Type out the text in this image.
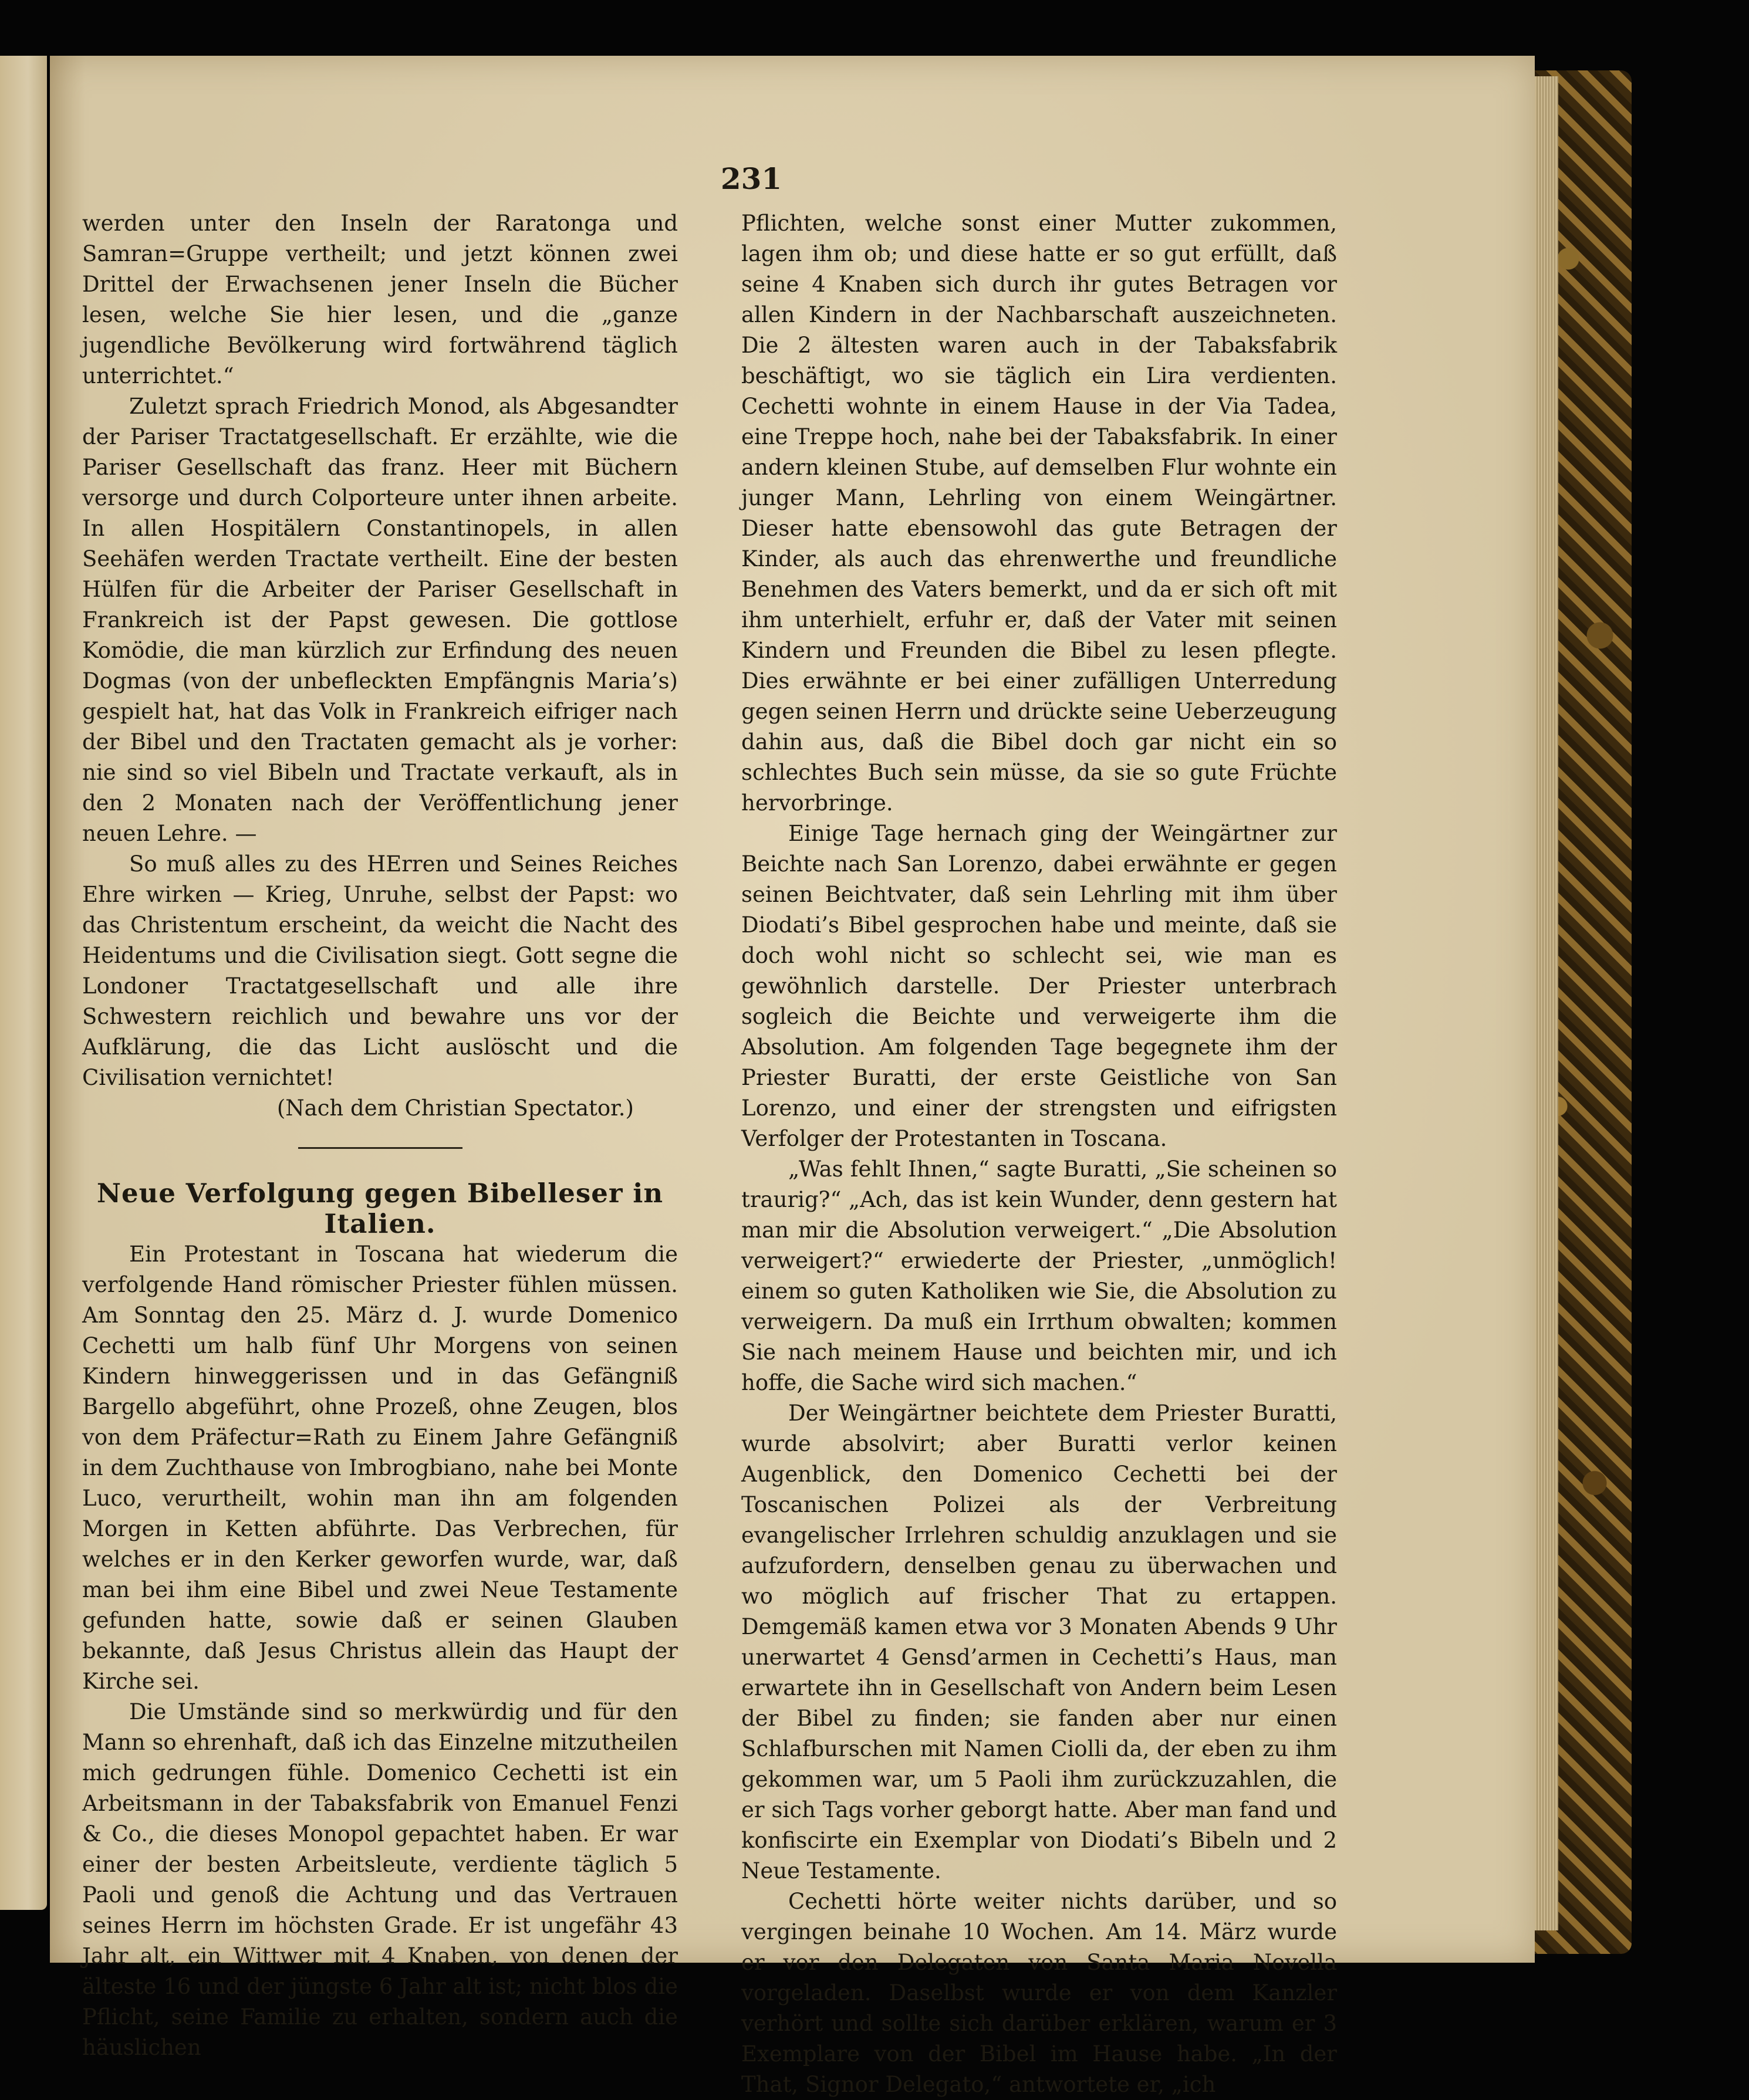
231

werden unter den Inseln der Raratonga und Samran=Gruppe vertheilt; und jetzt können zwei Drittel der Erwachsenen jener Inseln die Bücher lesen, welche Sie hier lesen, und die „ganze jugendliche Bevölkerung wird fortwährend täglich unterrichtet.“

Zuletzt sprach Friedrich Monod, als Abgesandter der Pariser Tractatgesellschaft. Er erzählte, wie die Pariser Gesellschaft das franz. Heer mit Büchern versorge und durch Colporteure unter ihnen arbeite. In allen Hospitälern Constantinopels, in allen Seehäfen werden Tractate vertheilt. Eine der besten Hülfen für die Arbeiter der Pariser Gesellschaft in Frankreich ist der Papst gewesen. Die gottlose Komödie, die man kürzlich zur Erfindung des neuen Dogmas (von der unbefleckten Empfängnis Maria’s) gespielt hat, hat das Volk in Frankreich eifriger nach der Bibel und den Tractaten gemacht als je vorher: nie sind so viel Bibeln und Tractate verkauft, als in den 2 Monaten nach der Veröffentlichung jener neuen Lehre. —

So muß alles zu des HErren und Seines Reiches Ehre wirken — Krieg, Unruhe, selbst der Papst: wo das Christentum erscheint, da weicht die Nacht des Heidentums und die Civilisation siegt. Gott segne die Londoner Tractatgesellschaft und alle ihre Schwestern reichlich und bewahre uns vor der Aufklärung, die das Licht auslöscht und die Civilisation vernichtet!

(Nach dem Christian Spectator.)

Neue Verfolgung gegen Bibelleser in Italien.

Ein Protestant in Toscana hat wiederum die verfolgende Hand römischer Priester fühlen müssen. Am Sonntag den 25. März d. J. wurde Domenico Cechetti um halb fünf Uhr Morgens von seinen Kindern hinweggerissen und in das Gefängniß Bargello abgeführt, ohne Prozeß, ohne Zeugen, blos von dem Präfectur=Rath zu Einem Jahre Gefängniß in dem Zuchthause von Imbrogbiano, nahe bei Monte Luco, verurtheilt, wohin man ihn am folgenden Morgen in Ketten abführte. Das Verbrechen, für welches er in den Kerker geworfen wurde, war, daß man bei ihm eine Bibel und zwei Neue Testamente gefunden hatte, sowie daß er seinen Glauben bekannte, daß Jesus Christus allein das Haupt der Kirche sei.

Die Umstände sind so merkwürdig und für den Mann so ehrenhaft, daß ich das Einzelne mitzutheilen mich gedrungen fühle. Domenico Cechetti ist ein Arbeitsmann in der Tabaksfabrik von Emanuel Fenzi & Co., die dieses Monopol gepachtet haben. Er war einer der besten Arbeitsleute, verdiente täglich 5 Paoli und genoß die Achtung und das Vertrauen seines Herrn im höchsten Grade. Er ist ungefähr 43 Jahr alt, ein Wittwer mit 4 Knaben, von denen der älteste 16 und der jüngste 6 Jahr alt ist; nicht blos die Pflicht, seine Familie zu erhalten, sondern auch die häuslichen

Pflichten, welche sonst einer Mutter zukommen, lagen ihm ob; und diese hatte er so gut erfüllt, daß seine 4 Knaben sich durch ihr gutes Betragen vor allen Kindern in der Nachbarschaft auszeichneten. Die 2 ältesten waren auch in der Tabaksfabrik beschäftigt, wo sie täglich ein Lira verdienten. Cechetti wohnte in einem Hause in der Via Tadea, eine Treppe hoch, nahe bei der Tabaksfabrik. In einer andern kleinen Stube, auf demselben Flur wohnte ein junger Mann, Lehrling von einem Weingärtner. Dieser hatte ebensowohl das gute Betragen der Kinder, als auch das ehrenwerthe und freundliche Benehmen des Vaters bemerkt, und da er sich oft mit ihm unterhielt, erfuhr er, daß der Vater mit seinen Kindern und Freunden die Bibel zu lesen pflegte. Dies erwähnte er bei einer zufälligen Unterredung gegen seinen Herrn und drückte seine Ueberzeugung dahin aus, daß die Bibel doch gar nicht ein so schlechtes Buch sein müsse, da sie so gute Früchte hervorbringe.

Einige Tage hernach ging der Weingärtner zur Beichte nach San Lorenzo, dabei erwähnte er gegen seinen Beichtvater, daß sein Lehrling mit ihm über Diodati’s Bibel gesprochen habe und meinte, daß sie doch wohl nicht so schlecht sei, wie man es gewöhnlich darstelle. Der Priester unterbrach sogleich die Beichte und verweigerte ihm die Absolution. Am folgenden Tage begegnete ihm der Priester Buratti, der erste Geistliche von San Lorenzo, und einer der strengsten und eifrigsten Verfolger der Protestanten in Toscana.

„Was fehlt Ihnen,“ sagte Buratti, „Sie scheinen so traurig?“ „Ach, das ist kein Wunder, denn gestern hat man mir die Absolution verweigert.“ „Die Absolution verweigert?“ erwiederte der Priester, „unmöglich! einem so guten Katholiken wie Sie, die Absolution zu verweigern. Da muß ein Irrthum obwalten; kommen Sie nach meinem Hause und beichten mir, und ich hoffe, die Sache wird sich machen.“

Der Weingärtner beichtete dem Priester Buratti, wurde absolvirt; aber Buratti verlor keinen Augenblick, den Domenico Cechetti bei der Toscanischen Polizei als der Verbreitung evangelischer Irrlehren schuldig anzuklagen und sie aufzufordern, denselben genau zu überwachen und wo möglich auf frischer That zu ertappen. Demgemäß kamen etwa vor 3 Monaten Abends 9 Uhr unerwartet 4 Gensd’armen in Cechetti’s Haus, man erwartete ihn in Gesellschaft von Andern beim Lesen der Bibel zu finden; sie fanden aber nur einen Schlafburschen mit Namen Ciolli da, der eben zu ihm gekommen war, um 5 Paoli ihm zurückzuzahlen, die er sich Tags vorher geborgt hatte. Aber man fand und konfiscirte ein Exemplar von Diodati’s Bibeln und 2 Neue Testamente.

Cechetti hörte weiter nichts darüber, und so vergingen beinahe 10 Wochen. Am 14. März wurde er vor den Delegaten von Santa Maria Novella vorgeladen. Daselbst wurde er von dem Kanzler verhört und sollte sich darüber erklären, warum er 3 Exemplare von der Bibel im Hause habe. „In der That, Signor Delegato,“ antwortete er, „ich
